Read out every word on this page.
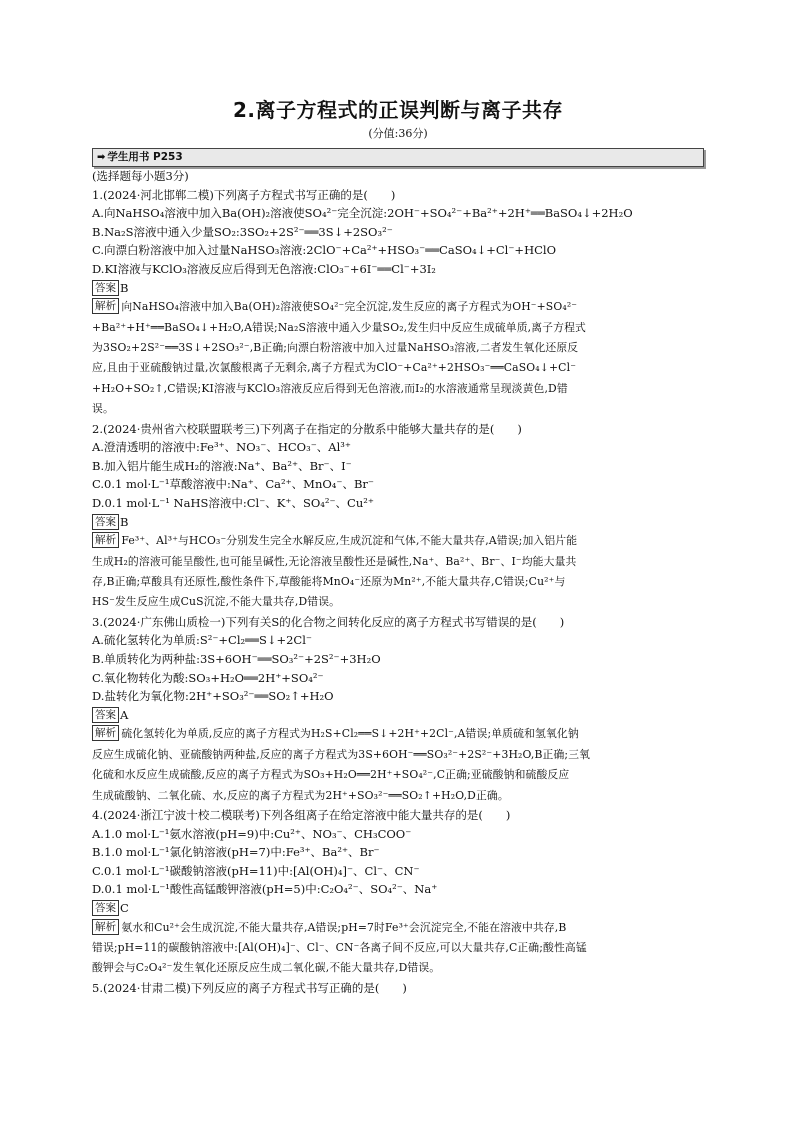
2.离子方程式的正误判断与离子共存
(分值:36分)
➡ 学生用书 P253
(选择题每小题3分)
1.(2024·河北邯郸二模)下列离子方程式书写正确的是(　　)
A.向NaHSO₄溶液中加入Ba(OH)₂溶液使SO₄²⁻完全沉淀:2OH⁻+SO₄²⁻+Ba²⁺+2H⁺══BaSO₄↓+2H₂O
B.Na₂S溶液中通入少量SO₂:3SO₂+2S²⁻══3S↓+2SO₃²⁻
C.向漂白粉溶液中加入过量NaHSO₃溶液:2ClO⁻+Ca²⁺+HSO₃⁻══CaSO₄↓+Cl⁻+HClO
D.KI溶液与KClO₃溶液反应后得到无色溶液:ClO₃⁻+6I⁻══Cl⁻+3I₂
答案 B
解析 向NaHSO₄溶液中加入Ba(OH)₂溶液使SO₄²⁻完全沉淀,发生反应的离子方程式为OH⁻+SO₄²⁻
+Ba²⁺+H⁺══BaSO₄↓+H₂O,A错误;Na₂S溶液中通入少量SO₂,发生归中反应生成硫单质,离子方程式
为3SO₂+2S²⁻══3S↓+2SO₃²⁻,B正确;向漂白粉溶液中加入过量NaHSO₃溶液,二者发生氧化还原反
应,且由于亚硫酸钠过量,次氯酸根离子无剩余,离子方程式为ClO⁻+Ca²⁺+2HSO₃⁻══CaSO₄↓+Cl⁻
+H₂O+SO₂↑,C错误;KI溶液与KClO₃溶液反应后得到无色溶液,而I₂的水溶液通常呈现淡黄色,D错
误。
2.(2024·贵州省六校联盟联考三)下列离子在指定的分散系中能够大量共存的是(　　)
A.澄清透明的溶液中:Fe³⁺、NO₃⁻、HCO₃⁻、Al³⁺
B.加入铝片能生成H₂的溶液:Na⁺、Ba²⁺、Br⁻、I⁻
C.0.1 mol·L⁻¹草酸溶液中:Na⁺、Ca²⁺、MnO₄⁻、Br⁻
D.0.1 mol·L⁻¹ NaHS溶液中:Cl⁻、K⁺、SO₄²⁻、Cu²⁺
答案 B
解析 Fe³⁺、Al³⁺与HCO₃⁻分别发生完全水解反应,生成沉淀和气体,不能大量共存,A错误;加入铝片能
生成H₂的溶液可能呈酸性,也可能呈碱性,无论溶液呈酸性还是碱性,Na⁺、Ba²⁺、Br⁻、I⁻均能大量共
存,B正确;草酸具有还原性,酸性条件下,草酸能将MnO₄⁻还原为Mn²⁺,不能大量共存,C错误;Cu²⁺与
HS⁻发生反应生成CuS沉淀,不能大量共存,D错误。
3.(2024·广东佛山质检一)下列有关S的化合物之间转化反应的离子方程式书写错误的是(　　)
A.硫化氢转化为单质:S²⁻+Cl₂══S↓+2Cl⁻
B.单质转化为两种盐:3S+6OH⁻══SO₃²⁻+2S²⁻+3H₂O
C.氧化物转化为酸:SO₃+H₂O══2H⁺+SO₄²⁻
D.盐转化为氧化物:2H⁺+SO₃²⁻══SO₂↑+H₂O
答案 A
解析 硫化氢转化为单质,反应的离子方程式为H₂S+Cl₂══S↓+2H⁺+2Cl⁻,A错误;单质硫和氢氧化钠
反应生成硫化钠、亚硫酸钠两种盐,反应的离子方程式为3S+6OH⁻══SO₃²⁻+2S²⁻+3H₂O,B正确;三氧
化硫和水反应生成硫酸,反应的离子方程式为SO₃+H₂O══2H⁺+SO₄²⁻,C正确;亚硫酸钠和硫酸反应
生成硫酸钠、二氧化硫、水,反应的离子方程式为2H⁺+SO₃²⁻══SO₂↑+H₂O,D正确。
4.(2024·浙江宁波十校二模联考)下列各组离子在给定溶液中能大量共存的是(　　)
A.1.0 mol·L⁻¹氨水溶液(pH=9)中:Cu²⁺、NO₃⁻、CH₃COO⁻
B.1.0 mol·L⁻¹氯化钠溶液(pH=7)中:Fe³⁺、Ba²⁺、Br⁻
C.0.1 mol·L⁻¹碳酸钠溶液(pH=11)中:[Al(OH)₄]⁻、Cl⁻、CN⁻
D.0.1 mol·L⁻¹酸性高锰酸钾溶液(pH=5)中:C₂O₄²⁻、SO₄²⁻、Na⁺
答案 C
解析 氨水和Cu²⁺会生成沉淀,不能大量共存,A错误;pH=7时Fe³⁺会沉淀完全,不能在溶液中共存,B
错误;pH=11的碳酸钠溶液中:[Al(OH)₄]⁻、Cl⁻、CN⁻各离子间不反应,可以大量共存,C正确;酸性高锰
酸钾会与C₂O₄²⁻发生氧化还原反应生成二氧化碳,不能大量共存,D错误。
5.(2024·甘肃二模)下列反应的离子方程式书写正确的是(　　)
